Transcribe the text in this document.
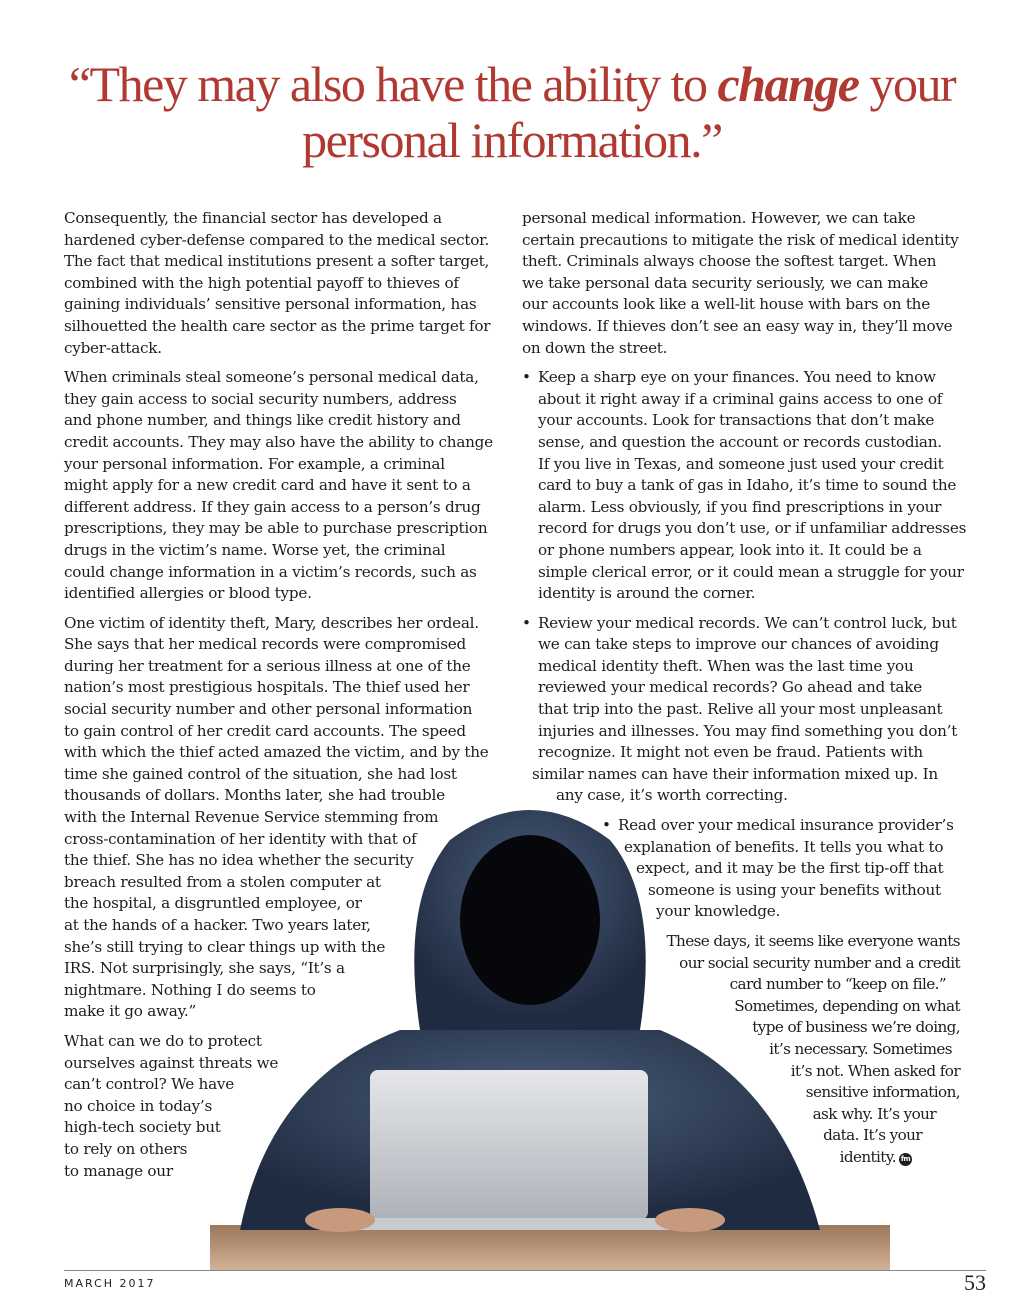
“They may also have the ability to change your
personal information.”

Consequently, the financial sector has developed a
hardened cyber-defense compared to the medical sector.
The fact that medical institutions present a softer target,
combined with the high potential payoff to thieves of
gaining individuals’ sensitive personal information, has
silhouetted the health care sector as the prime target for
cyber-attack.

When criminals steal someone’s personal medical data,
they gain access to social security numbers, address
and phone number, and things like credit history and
credit accounts. They may also have the ability to change
your personal information. For example, a criminal
might apply for a new credit card and have it sent to a
different address. If they gain access to a person’s drug
prescriptions, they may be able to purchase prescription
drugs in the victim’s name. Worse yet, the criminal
could change information in a victim’s records, such as
identified allergies or blood type.

One victim of identity theft, Mary, describes her ordeal.
She says that her medical records were compromised
during her treatment for a serious illness at one of the
nation’s most prestigious hospitals. The thief used her
social security number and other personal information
to gain control of her credit card accounts. The speed
with which the thief acted amazed the victim, and by the
time she gained control of the situation, she had lost
thousands of dollars. Months later, she had trouble
with the Internal Revenue Service stemming from
cross-contamination of her identity with that of
the thief. She has no idea whether the security
breach resulted from a stolen computer at
the hospital, a disgruntled employee, or
at the hands of a hacker. Two years later,
she’s still trying to clear things up with the
IRS. Not surprisingly, she says, “It’s a
nightmare. Nothing I do seems to
make it go away.”

What can we do to protect
ourselves against threats we
can’t control? We have
no choice in today’s
high-tech society but
to rely on others
to manage our

personal medical information. However, we can take
certain precautions to mitigate the risk of medical identity
theft. Criminals always choose the softest target. When
we take personal data security seriously, we can make
our accounts look like a well-lit house with bars on the
windows. If thieves don’t see an easy way in, they’ll move
on down the street.

• Keep a sharp eye on your finances. You need to know
about it right away if a criminal gains access to one of
your accounts. Look for transactions that don’t make
sense, and question the account or records custodian.
If you live in Texas, and someone just used your credit
card to buy a tank of gas in Idaho, it’s time to sound the
alarm. Less obviously, if you find prescriptions in your
record for drugs you don’t use, or if unfamiliar addresses
or phone numbers appear, look into it. It could be a
simple clerical error, or it could mean a struggle for your
identity is around the corner.
• Review your medical records. We can’t control luck, but
we can take steps to improve our chances of avoiding
medical identity theft. When was the last time you
reviewed your medical records? Go ahead and take
that trip into the past. Relive all your most unpleasant
injuries and illnesses. You may find something you don’t
recognize. It might not even be fraud. Patients with
similar names can have their information mixed up. In
any case, it’s worth correcting.
• Read over your medical insurance provider’s
explanation of benefits. It tells you what to
expect, and it may be the first tip-off that
someone is using your benefits without
your knowledge.

These days, it seems like everyone wants
our social security number and a credit
card number to “keep on file.”
Sometimes, depending on what
type of business we’re doing,
it’s necessary. Sometimes
it’s not. When asked for
sensitive information,
ask why. It’s your
data. It’s your
identity. fm

MARCH 2017	53
